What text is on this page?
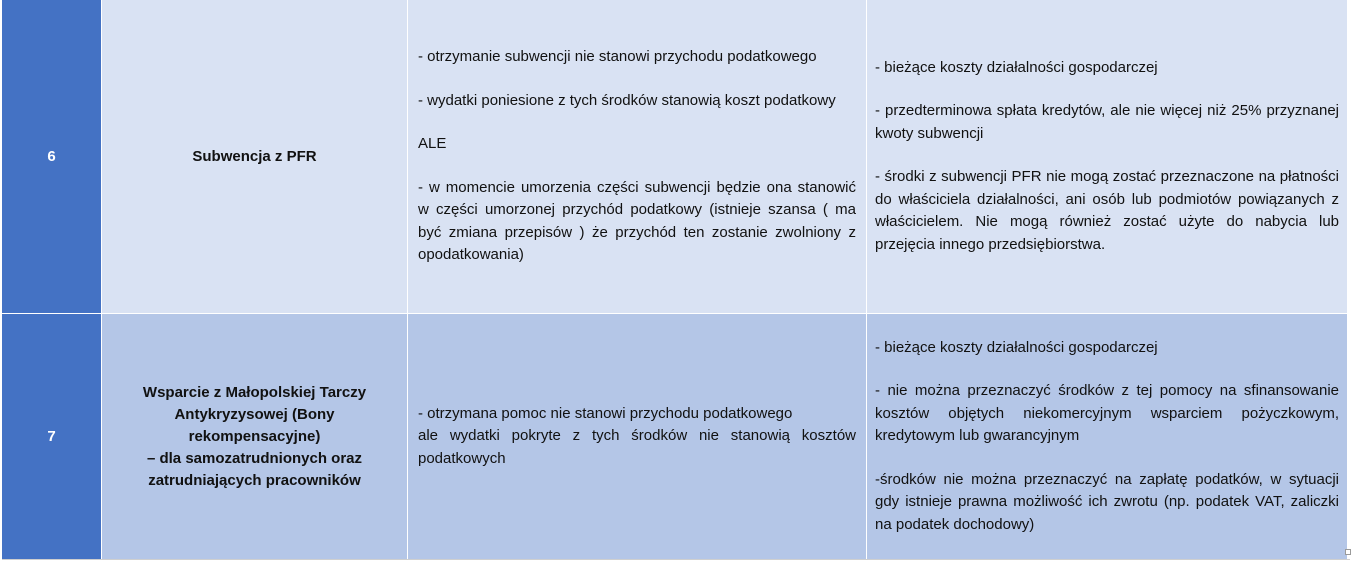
6	Subwencja z PFR

- otrzymanie subwencji nie stanowi przychodu podatkowego

- wydatki poniesione z tych środków stanowią koszt podatkowy

ALE

- w momencie umorzenia części subwencji będzie ona stanowić w części umorzonej przychód podatkowy (istnieje szansa ( ma być zmiana przepisów ) że przychód ten zostanie zwolniony z opodatkowania)

- bieżące koszty działalności gospodarczej

- przedterminowa spłata kredytów, ale nie więcej niż 25% przyznanej kwoty subwencji

- środki z subwencji PFR nie mogą zostać przeznaczone na płatności do właściciela działalności, ani osób lub podmiotów powiązanych z właścicielem. Nie mogą również zostać użyte do nabycia lub przejęcia innego przedsiębiorstwa.

7
Wsparcie z Małopolskiej Tarczy
Antykryzysowej (Bony
rekompensacyjne)
– dla samozatrudnionych oraz
zatrudniających pracowników

- otrzymana pomoc nie stanowi przychodu podatkowego

ale wydatki pokryte z tych środków nie stanowią kosztów podatkowych

- bieżące koszty działalności gospodarczej

- nie można przeznaczyć środków z tej pomocy na sfinansowanie kosztów objętych niekomercyjnym wsparciem pożyczkowym, kredytowym lub gwarancyjnym

-środków nie można przeznaczyć na zapłatę podatków, w sytuacji gdy istnieje prawna możliwość ich zwrotu (np. podatek VAT, zaliczki na podatek dochodowy)
